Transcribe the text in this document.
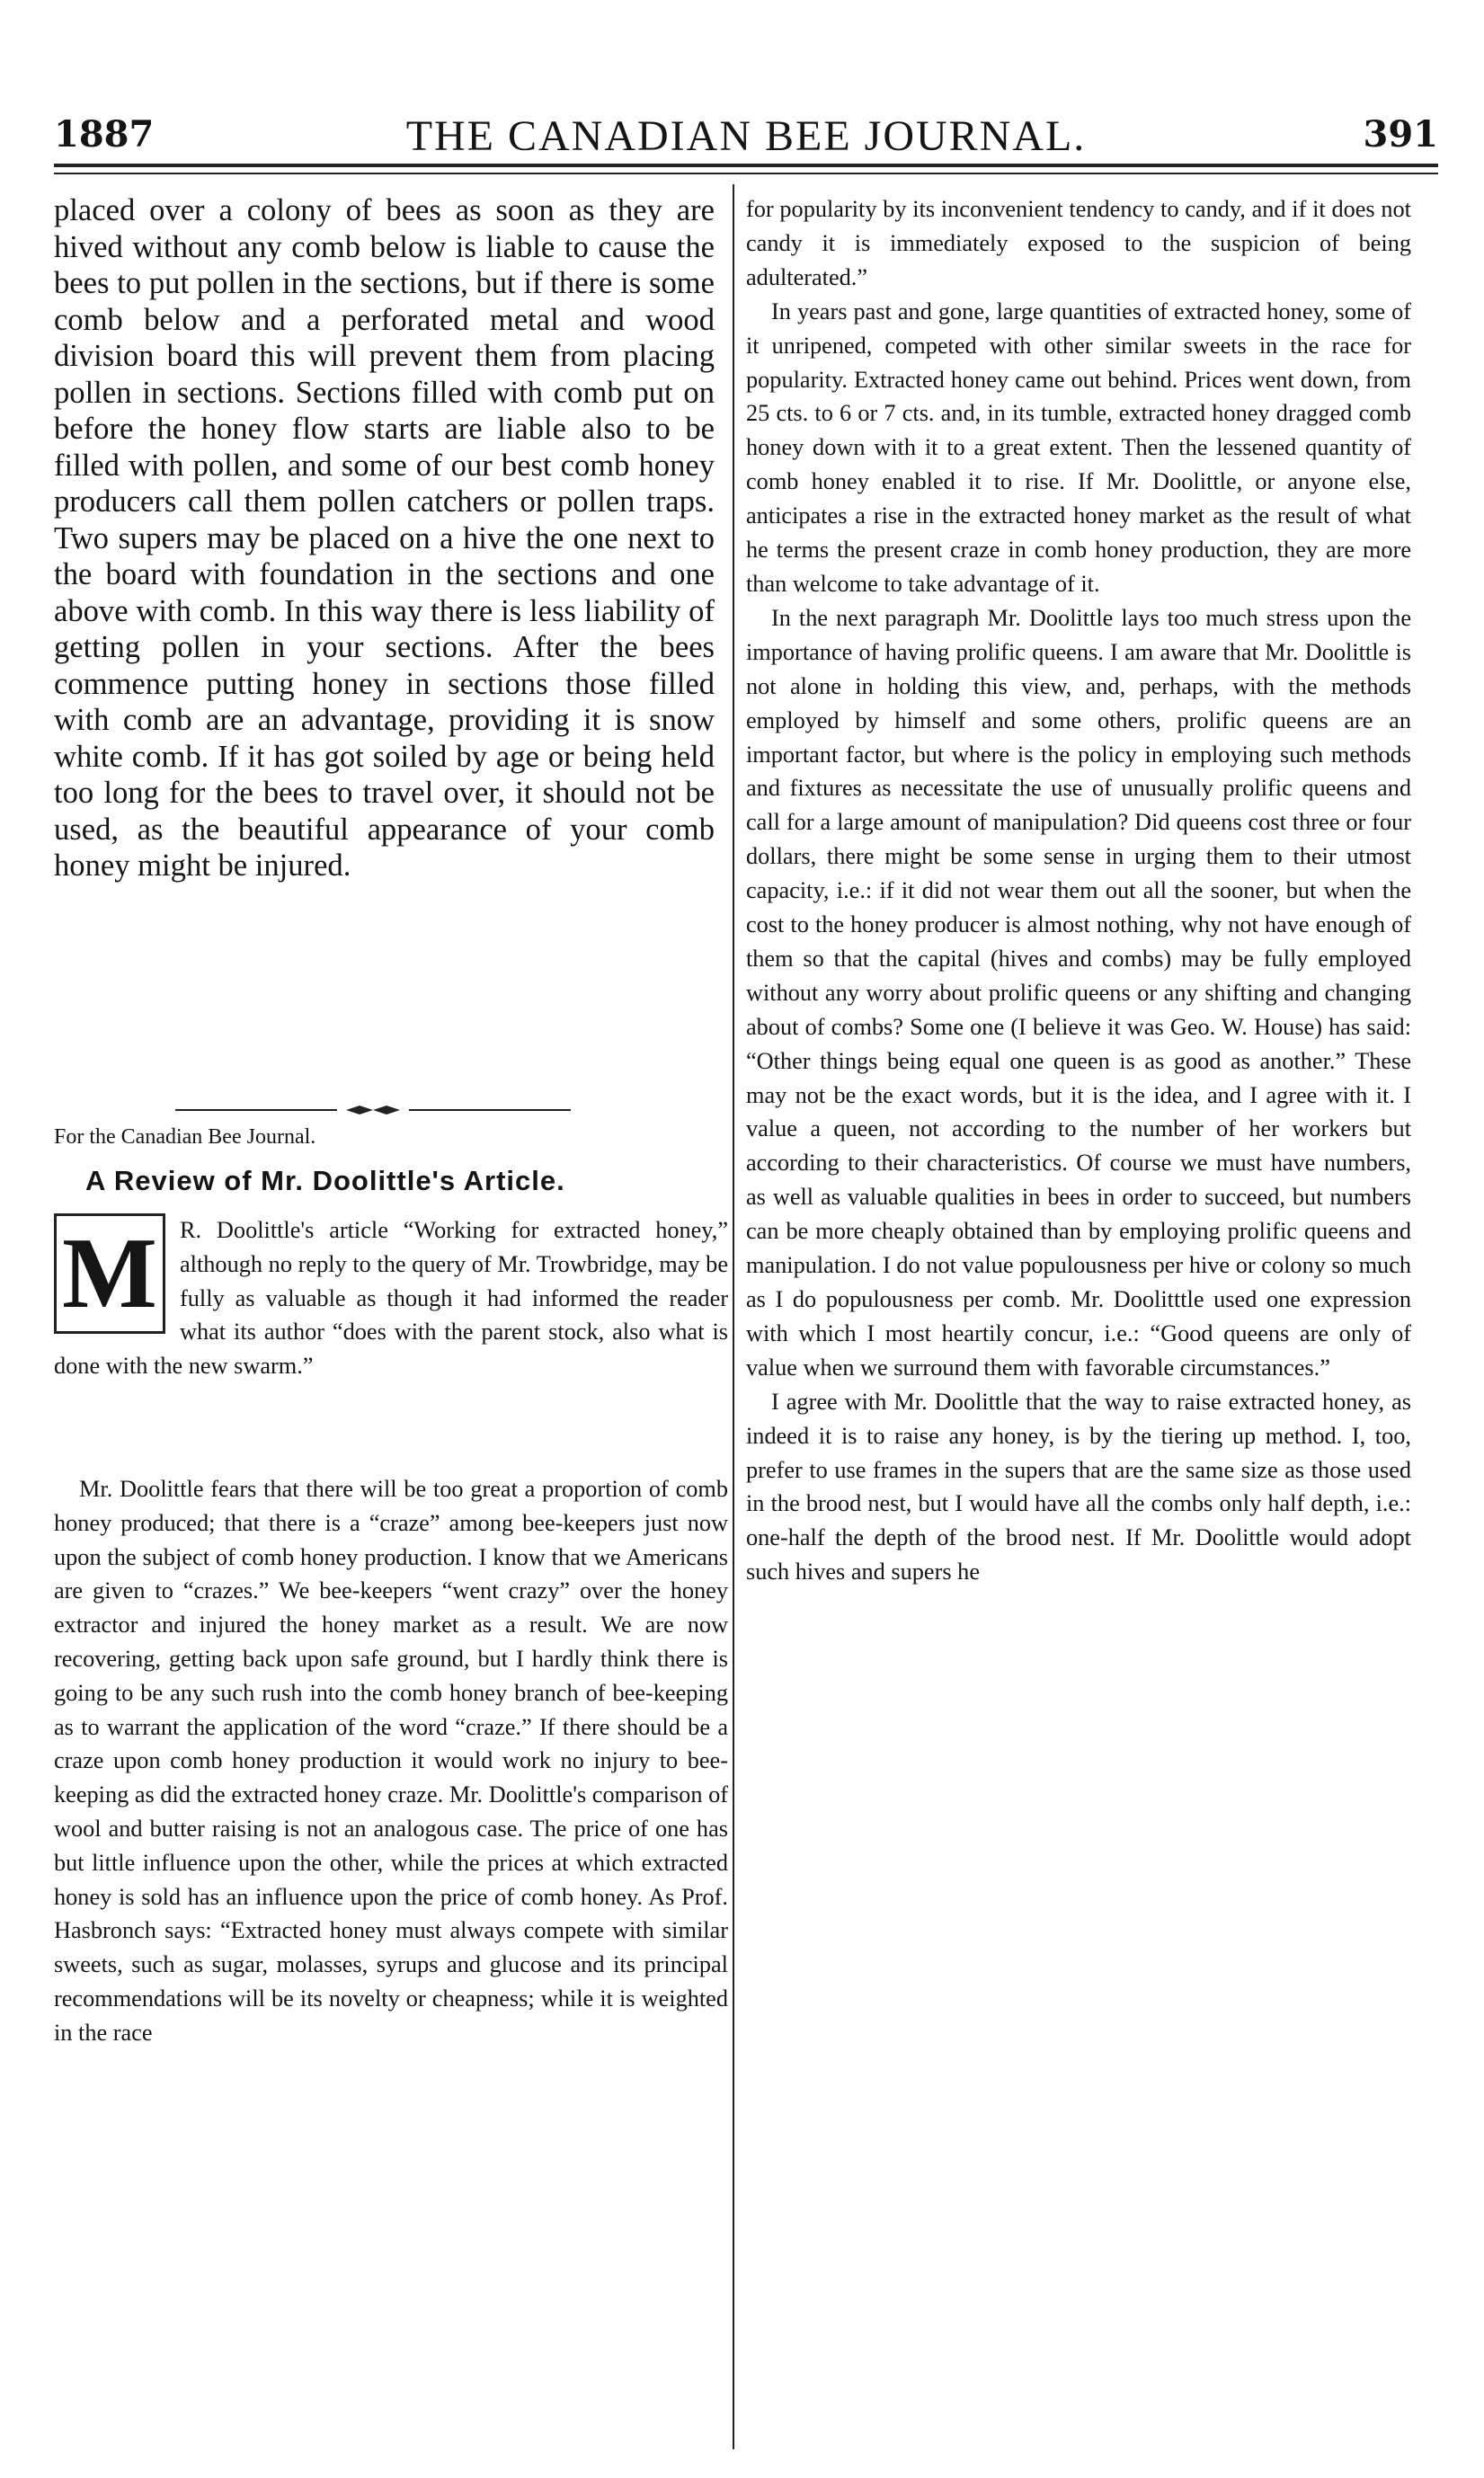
1887	THE CANADIAN BEE JOURNAL.	391

placed over a colony of bees as soon as they are hived without any comb below is liable to cause the bees to put pollen in the sections, but if there is some comb below and a perforated metal and wood division board this will prevent them from placing pollen in sections. Sections filled with comb put on before the honey flow starts are liable also to be filled with pollen, and some of our best comb honey producers call them pollen catchers or pollen traps. Two supers may be placed on a hive the one next to the board with foundation in the sections and one above with comb. In this way there is less liability of getting pollen in your sections. After the bees commence putting honey in sections those filled with comb are an advantage, providing it is snow white comb. If it has got soiled by age or being held too long for the bees to travel over, it should not be used, as the beautiful appearance of your comb honey might be injured.

For the Canadian Bee Journal.
A Review of Mr. Doolittle's Article.
R. Doolittle's article “Working for extracted honey,” although no reply to the query of Mr. Trowbridge, may be fully as valuable as though it had informed the reader what its author “does with the parent stock, also what is done with the new swarm.”
M

Mr. Doolittle fears that there will be too great a proportion of comb honey produced; that there is a “craze” among bee-keepers just now upon the subject of comb honey production. I know that we Americans are given to “crazes.” We bee-keepers “went crazy” over the honey extractor and injured the honey market as a result. We are now recovering, getting back upon safe ground, but I hardly think there is going to be any such rush into the comb honey branch of bee-keeping as to warrant the application of the word “craze.” If there should be a craze upon comb honey production it would work no injury to bee-keeping as did the extracted honey craze. Mr. Doolittle's comparison of wool and butter raising is not an analogous case. The price of one has but little influence upon the other, while the prices at which extracted honey is sold has an influence upon the price of comb honey. As Prof. Hasbronch says: “Extracted honey must always compete with similar sweets, such as sugar, molasses, syrups and glucose and its principal recommendations will be its novelty or cheapness; while it is weighted in the race

for popularity by its inconvenient tendency to candy, and if it does not candy it is immediately exposed to the suspicion of being adulterated.”

In years past and gone, large quantities of extracted honey, some of it unripened, competed with other similar sweets in the race for popularity. Extracted honey came out behind. Prices went down, from 25 cts. to 6 or 7 cts. and, in its tumble, extracted honey dragged comb honey down with it to a great extent. Then the lessened quantity of comb honey enabled it to rise. If Mr. Doolittle, or anyone else, anticipates a rise in the extracted honey market as the result of what he terms the present craze in comb honey production, they are more than welcome to take advantage of it.

In the next paragraph Mr. Doolittle lays too much stress upon the importance of having prolific queens. I am aware that Mr. Doolittle is not alone in holding this view, and, perhaps, with the methods employed by himself and some others, prolific queens are an important factor, but where is the policy in employing such methods and fixtures as necessitate the use of unusually prolific queens and call for a large amount of manipulation? Did queens cost three or four dollars, there might be some sense in urging them to their utmost capacity, i.e.: if it did not wear them out all the sooner, but when the cost to the honey producer is almost nothing, why not have enough of them so that the capital (hives and combs) may be fully employed without any worry about prolific queens or any shifting and changing about of combs? Some one (I believe it was Geo. W. House) has said: “Other things being equal one queen is as good as another.” These may not be the exact words, but it is the idea, and I agree with it. I value a queen, not according to the number of her workers but according to their characteristics. Of course we must have numbers, as well as valuable qualities in bees in order to succeed, but numbers can be more cheaply obtained than by employing prolific queens and manipulation. I do not value populousness per hive or colony so much as I do populousness per comb. Mr. Doolitttle used one expression with which I most heartily concur, i.e.: “Good queens are only of value when we surround them with favorable circumstances.”

I agree with Mr. Doolittle that the way to raise extracted honey, as indeed it is to raise any honey, is by the tiering up method. I, too, prefer to use frames in the supers that are the same size as those used in the brood nest, but I would have all the combs only half depth, i.e.: one-half the depth of the brood nest. If Mr. Doolittle would adopt such hives and supers he
